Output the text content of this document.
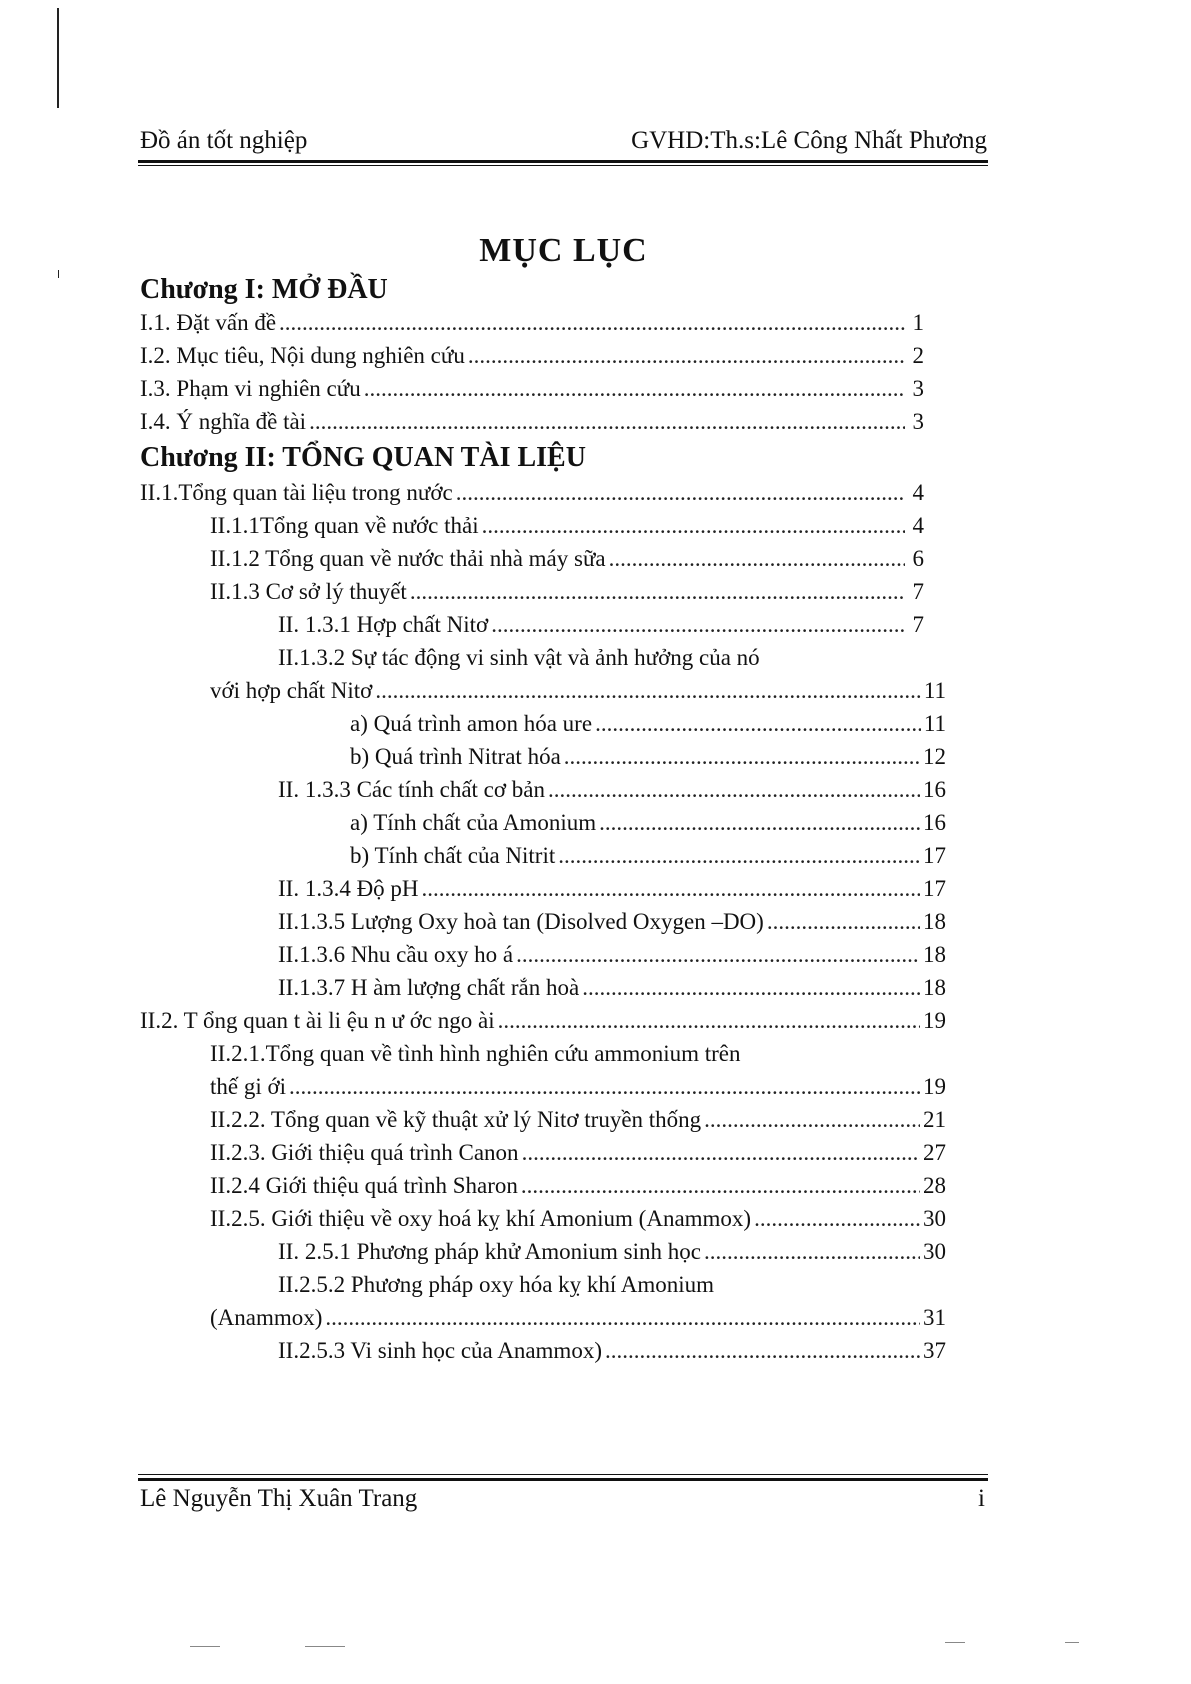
Đồ án tốt nghiệp	GVHD:Th.s:Lê Công Nhất Phương
MỤC LỤC
Chương I: MỞ ĐẦU
I.1. Đặt vấn đề .....	1
I.2. Mục tiêu, Nội dung nghiên cứu .....	2
I.3. Phạm vi nghiên cứu .....	3
I.4. Ý nghĩa đề tài .....	3
Chương II: TỔNG QUAN TÀI LIỆU
II.1.Tổng quan tài liệu trong nước .....	4
II.1.1Tổng quan về nước thải .....	4
II.1.2 Tổng quan về nước thải nhà máy sữa .....	6
II.1.3 Cơ sở lý thuyết .....	7
II. 1.3.1 Hợp chất Nitơ .....	7
II.1.3.2 Sự tác động vi sinh vật và ảnh hưởng của nó
với hợp chất Nitơ .....	11
a) Quá trình amon hóa ure .....	11
b) Quá trình Nitrat hóa .....	12
II. 1.3.3 Các tính chất cơ bản .....	16
a) Tính chất của Amonium .....	16
b) Tính chất của Nitrit .....	17
II. 1.3.4 Độ pH .....	17
II.1.3.5 Lượng Oxy hoà tan (Disolved Oxygen –DO) .....	18
II.1.3.6 Nhu cầu oxy ho á .....	18
II.1.3.7 H àm lượng chất rắn hoà .....	18
II.2. T ổng quan t ài li ệu n ư ớc ngo ài .....	19
II.2.1.Tổng quan về tình hình nghiên cứu ammonium trên
thế gi ới .....	19
II.2.2. Tổng quan về kỹ thuật xử lý Nitơ truyền thống .....	21
II.2.3. Giới thiệu quá trình Canon .....	27
II.2.4 Giới thiệu quá trình Sharon .....	28
II.2.5. Giới thiệu về oxy hoá kỵ khí Amonium (Anammox) .....	30
II. 2.5.1 Phương pháp khử Amonium sinh học .....	30
II.2.5.2 Phương pháp oxy hóa kỵ khí Amonium
(Anammox) .....	31
II.2.5.3 Vi sinh học của Anammox) .....	37
Lê Nguyễn Thị Xuân Trang	i
